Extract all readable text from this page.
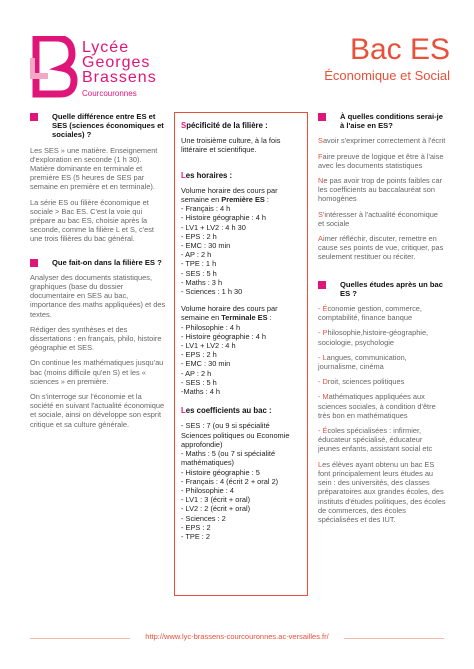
Lycée
Georges
Brassens
Courcouronnes
Bac ES
Économique et Social
Quelle différence entre ES et SES (sciences économiques et sociales) ?

Les SES » une matière. Enseignement d'exploration en seconde (1 h 30). Matière dominante en terminale et première ES (5 heures de SES par semaine en première et en terminale).

La série ES ou filière économique et sociale > Bac ES. C'est la voie qui prépare au bac ES, choisie après la seconde, comme la filière L et S, c'est une trois filières du bac général.

Que fait-on dans la filière ES ?

Analyser des documents statistiques, graphiques (base du dossier documentaire en SES au bac, importance des maths appliquées) et des textes.

Rédiger des synthèses et des dissertations : en français, philo, histoire géographie et SES.

On continue les mathématiques jusqu'au bac (moins difficile qu'en S) et les « sciences » en première.

On s'interroge sur l'économie et la société en suivant l'actualité économique et sociale, ainsi on développe son esprit critique et sa culture générale.

Spécificité de la filière :

Une troisième culture, à la fois littéraire et scientifique.

Les horaires :

Volume horaire des cours par semaine en Première ES :

- Français : 4 h
- Histoire géographie : 4 h
- LV1 + LV2 : 4 h 30
- EPS : 2 h
- EMC : 30 min
- AP : 2 h
- TPE : 1 h
- SES : 5 h
- Maths : 3 h
- Sciences : 1 h 30

Volume horaire des cours par semaine en Terminale ES :

- Philosophie : 4 h
- Histoire géographie : 4 h
- LV1 + LV2 : 4 h
- EPS : 2 h
- EMC : 30 min
- AP : 2 h
- SES : 5 h
-Maths : 4 h
Les coefficients au bac :
- SES : 7 (ou 9 si spécialité
Sciences politiques ou Economie
approfondie)
- Maths : 5 (ou 7 si spécialité
mathématiques)
- Histoire géographie : 5
- Français : 4 (écrit 2 + oral 2)
- Philosophie : 4
- LV1 : 3 (écrit + oral)
- LV2 : 2 (écrit + oral)
- Sciences : 2
- EPS : 2
- TPE : 2
À quelles conditions serai-je à l'aise en ES?

Savoir s'exprimer correctement à l'écrit

Faire preuve de logique et être à l'aise avec les documents statistiques

Ne pas avoir trop de points faibles car les coefficients au baccalauréat son homogènes

S'intéresser à l'actualité économique et sociale

Aimer réfléchir, discuter, remettre en cause ses points de vue, critiquer, pas seulement restituer ou réciter.

Quelles études après un bac ES ?

- Économie gestion, commerce, comptabilité, finance banque

- Philosophie,histoire-géographie, sociologie, psychologie

- Langues, communication, journalisme, cinéma

- Droit, sciences politiques

- Mathématiques appliquées aux sciences sociales, à condition d'être très bon en mathématiques

- Écoles spécialisées : infirmier, éducateur spécialisé, éducateur jeunes enfants, assistant social etc

Les élèves ayant obtenu un bac ES font principalement leurs études au sein : des universités, des classes préparatoires aux grandes écoles, des instituts d'études politiques, des écoles de commerces, des écoles spécialisées et des IUT.

http://www.lyc-brassens-courcouronnes.ac-versailles.fr/
